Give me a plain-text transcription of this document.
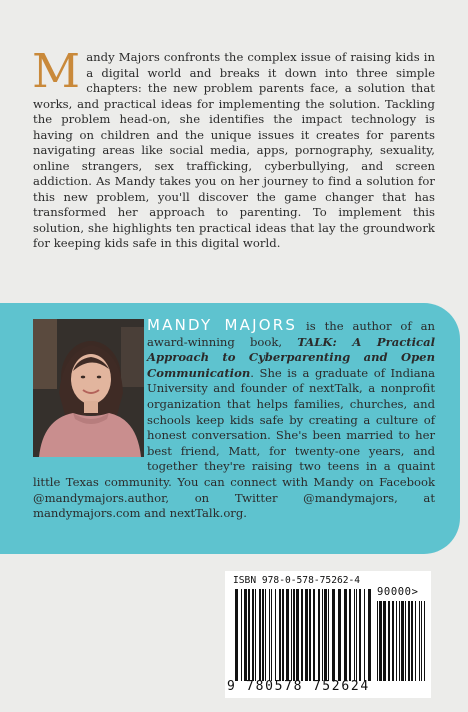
Mandy Majors confronts the complex issue of raising kids in a digital world and breaks it down into three simple chapters: the new problem parents face, a solution that works, and practical ideas for implementing the solution. Tackling the problem head-on, she identifies the impact technology is having on children and the unique issues it creates for parents navigating areas like social media, apps, pornography, sexuality, online strangers, sex trafficking, cyberbullying, and screen addiction. As Mandy takes you on her journey to find a solution for this new problem, you'll discover the game changer that has transformed her approach to parenting. To implement this solution, she highlights ten practical ideas that lay the groundwork for keeping kids safe in this digital world.
MANDY MAJORS is the author of an award-winning book, TALK: A Practical Approach to Cyberparenting and Open Communication. She is a graduate of Indiana University and founder of nextTalk, a nonprofit organization that helps families, churches, and schools keep kids safe by creating a culture of honest conversation. She's been married to her best friend, Matt, for twenty-one years, and together they're raising two teens in a quaint little Texas community. You can connect with Mandy on Facebook @mandymajors.author, on Twitter @mandymajors, at mandymajors.com and nextTalk.org.
ISBN 978-0-578-75262-4
90000>
9 780578 752624
